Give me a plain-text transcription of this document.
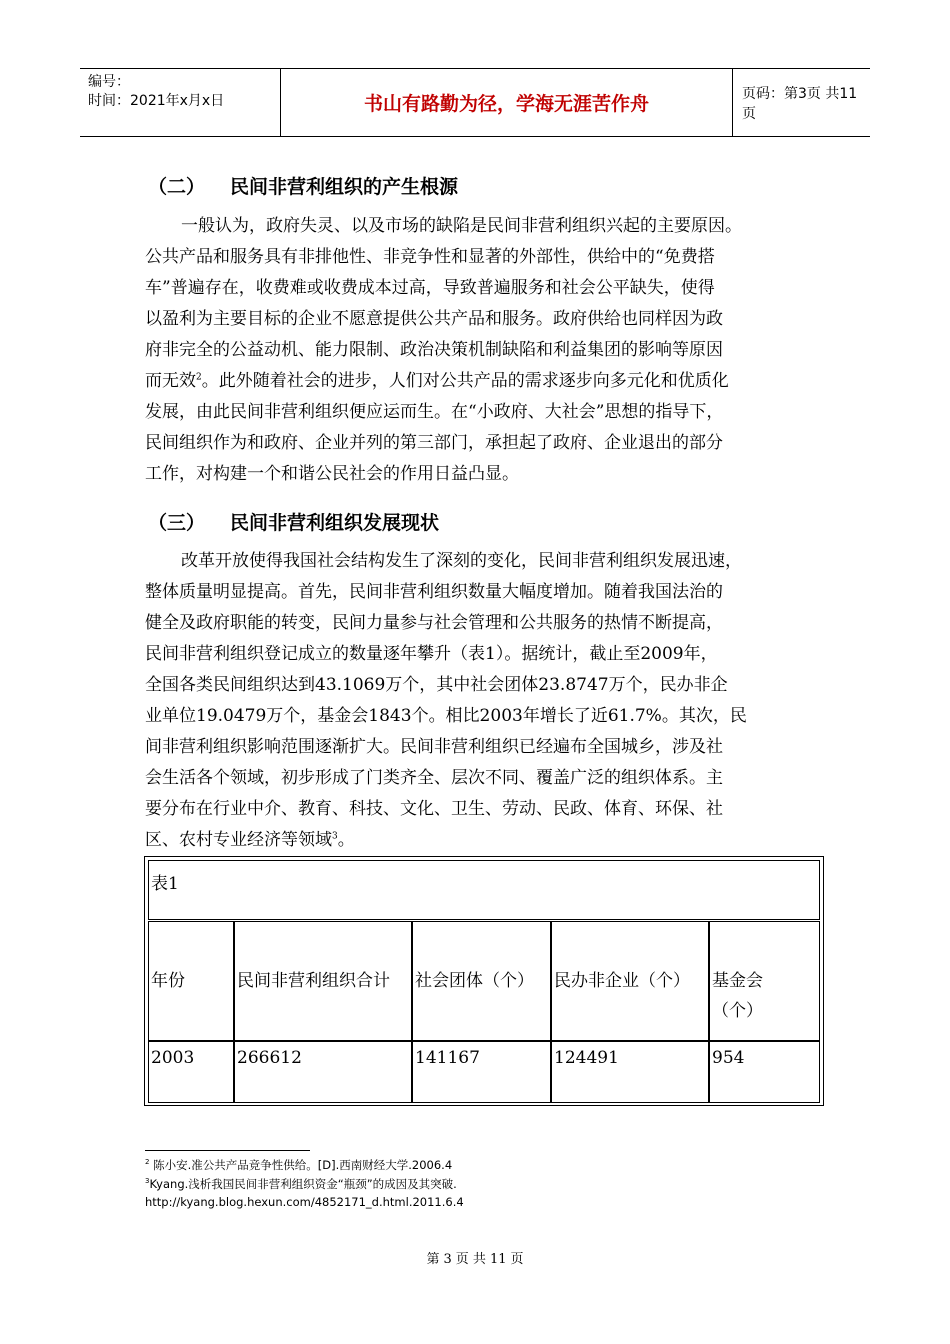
编号：
时间：2021年x月x日	书山有路勤为径，学海无涯苦作舟	页码：第3页 共11页
（二） 民间非营利组织的产生根源
一般认为，政府失灵、以及市场的缺陷是民间非营利组织兴起的主要原因。
公共产品和服务具有非排他性、非竞争性和显著的外部性，供给中的“免费搭
车”普遍存在，收费难或收费成本过高，导致普遍服务和社会公平缺失，使得
以盈利为主要目标的企业不愿意提供公共产品和服务。政府供给也同样因为政
府非完全的公益动机、能力限制、政治决策机制缺陷和利益集团的影响等原因
而无效$^2$。此外随着社会的进步，人们对公共产品的需求逐步向多元化和优质化
发展，由此民间非营利组织便应运而生。在“小政府、大社会”思想的指导下，
民间组织作为和政府、企业并列的第三部门，承担起了政府、企业退出的部分
工作，对构建一个和谐公民社会的作用日益凸显。
（三） 民间非营利组织发展现状
改革开放使得我国社会结构发生了深刻的变化，民间非营利组织发展迅速，
整体质量明显提高。首先，民间非营利组织数量大幅度增加。随着我国法治的
健全及政府职能的转变，民间力量参与社会管理和公共服务的热情不断提高，
民间非营利组织登记成立的数量逐年攀升（表1）。据统计，截止至2009年，
全国各类民间组织达到43.1069万个，其中社会团体23.8747万个，民办非企
业单位19.0479万个，基金会1843个。相比2003年增长了近61.7%。其次，民
间非营利组织影响范围逐渐扩大。民间非营利组织已经遍布全国城乡，涉及社
会生活各个领域，初步形成了门类齐全、层次不同、覆盖广泛的组织体系。主
要分布在行业中介、教育、科技、文化、卫生、劳动、民政、体育、环保、社
区、农村专业经济等领域$^3$。
表1
年份	民间非营利组织合计	社会团体（个）	民办非企业（个）	基金会（个）
2003	266612	141167	124491	954
$^2$ 陈小安.准公共产品竞争性供给。[D].西南财经大学.2006.4
$^3$Kyang.浅析我国民间非营利组织资金“瓶颈”的成因及其突破.
http://kyang.blog.hexun.com/4852171_d.html.2011.6.4
第 3 页 共 11 页
